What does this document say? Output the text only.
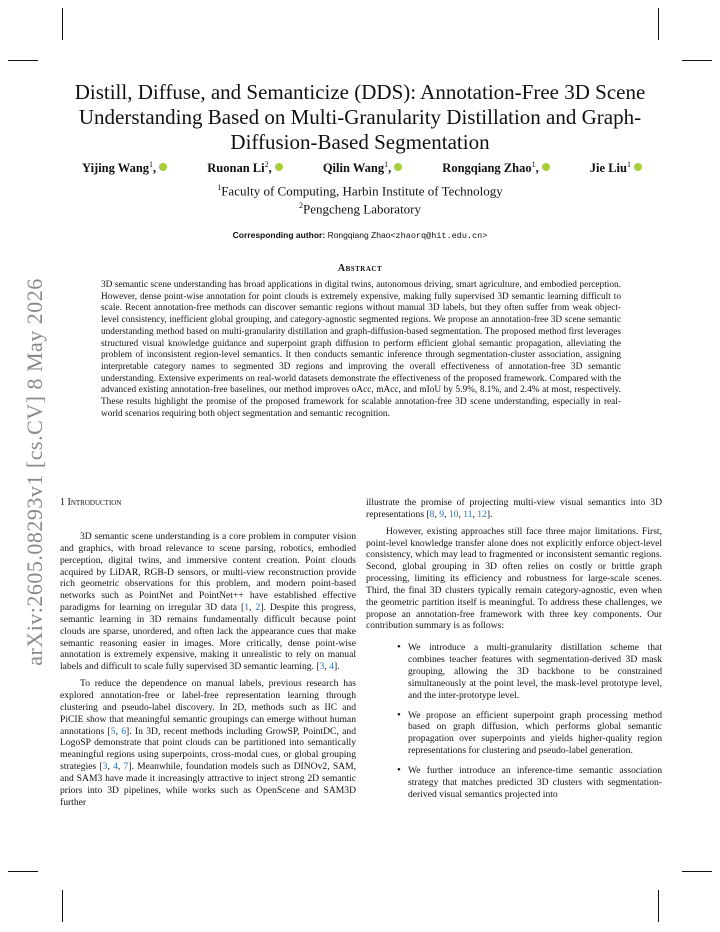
arXiv:2605.08293v1 [cs.CV] 8 May 2026
Distill, Diffuse, and Semanticize (DDS): Annotation-Free 3D Scene Understanding Based on Multi-Granularity Distillation and Graph-Diffusion-Based Segmentation
Yijing Wang$^1$,	Ruonan Li$^2$,	Qilin Wang$^1$,	Rongqiang Zhao$^1$,	Jie Liu$^1$
$^1$Faculty of Computing, Harbin Institute of Technology
$^2$Pengcheng Laboratory
Corresponding author: Rongqiang Zhao<zhaorq@hit.edu.cn>
Abstract
3D semantic scene understanding has broad applications in digital twins, autonomous driving, smart agriculture, and embodied perception. However, dense point-wise annotation for point clouds is extremely expensive, making fully supervised 3D semantic learning difficult to scale. Recent annotation-free methods can discover semantic regions without manual 3D labels, but they often suffer from weak object-level consistency, inefficient global grouping, and category-agnostic segmented regions. We propose an annotation-free 3D scene semantic understanding method based on multi-granularity distillation and graph-diffusion-based segmentation. The proposed method first leverages structured visual knowledge guidance and superpoint graph diffusion to perform efficient global semantic propagation, alleviating the problem of inconsistent region-level semantics. It then conducts semantic inference through segmentation-cluster association, assigning interpretable category names to segmented 3D regions and improving the overall effectiveness of annotation-free 3D semantic understanding. Extensive experiments on real-world datasets demonstrate the effectiveness of the proposed framework. Compared with the advanced existing annotation-free baselines, our method improves oAcc, mAcc, and mIoU by 5.9%, 8.1%, and 2.4% at most, respectively. These results highlight the promise of the proposed framework for scalable annotation-free 3D scene understanding, especially in real-world scenarios requiring both object segmentation and semantic recognition.
1 Introduction

3D semantic scene understanding is a core problem in computer vision and graphics, with broad relevance to scene parsing, robotics, embodied perception, digital twins, and immersive content creation. Point clouds acquired by LiDAR, RGB-D sensors, or multi-view reconstruction provide rich geometric observations for this problem, and modern point-based networks such as PointNet and PointNet++ have established effective paradigms for learning on irregular 3D data [1, 2]. Despite this progress, semantic learning in 3D remains fundamentally difficult because point clouds are sparse, unordered, and often lack the appearance cues that make semantic reasoning easier in images. More critically, dense point-wise annotation is extremely expensive, making it unrealistic to rely on manual labels and difficult to scale fully supervised 3D semantic learning. [3, 4].

To reduce the dependence on manual labels, previous research has explored annotation-free or label-free representation learning through clustering and pseudo-label discovery. In 2D, methods such as IIC and PiCIE show that meaningful semantic groupings can emerge without human annotations [5, 6]. In 3D, recent methods including GrowSP, PointDC, and LogoSP demonstrate that point clouds can be partitioned into semantically meaningful regions using superpoints, cross-modal cues, or global grouping strategies [3, 4, 7]. Meanwhile, foundation models such as DINOv2, SAM, and SAM3 have made it increasingly attractive to inject strong 2D semantic priors into 3D pipelines, while works such as OpenScene and SAM3D further

illustrate the promise of projecting multi-view visual semantics into 3D representations [8, 9, 10, 11, 12].

However, existing approaches still face three major limitations. First, point-level knowledge transfer alone does not explicitly enforce object-level consistency, which may lead to fragmented or inconsistent semantic regions. Second, global grouping in 3D often relies on costly or brittle graph processing, limiting its efficiency and robustness for large-scale scenes. Third, the final 3D clusters typically remain category-agnostic, even when the geometric partition itself is meaningful. To address these challenges, we propose an annotation-free framework with three key components. Our contribution summary is as follows:

• We introduce a multi-granularity distillation scheme that combines teacher features with segmentation-derived 3D mask grouping, allowing the 3D backbone to be constrained simultaneously at the point level, the mask-level prototype level, and the inter-prototype level.
• We propose an efficient superpoint graph processing method based on graph diffusion, which performs global semantic propagation over superpoints and yields higher-quality region representations for clustering and pseudo-label generation.
• We further introduce an inference-time semantic association strategy that matches predicted 3D clusters with segmentation-derived visual semantics projected into
